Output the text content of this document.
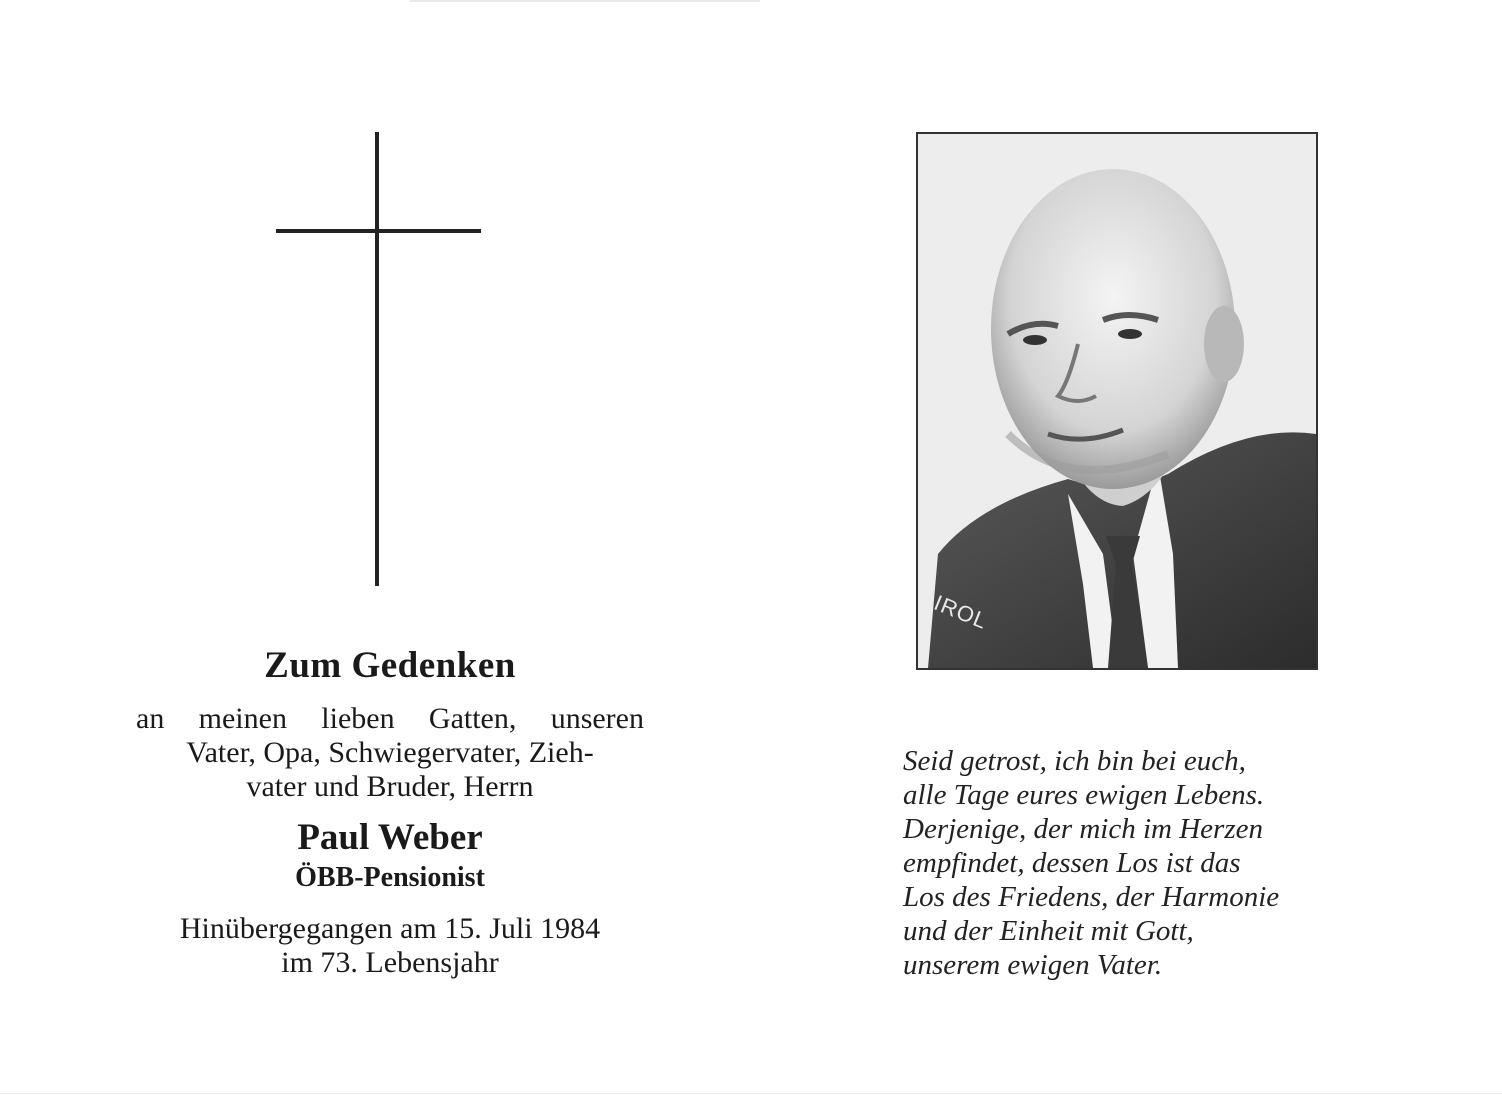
Zum Gedenken
an meinen lieben Gatten, unseren
Vater, Opa, Schwiegervater, Zieh-
vater und Bruder, Herrn
Paul Weber
ÖBB-Pensionist
Hinübergegangen am 15. Juli 1984
im 73. Lebensjahr
IROL
Seid getrost, ich bin bei euch,
alle Tage eures ewigen Lebens.
Derjenige, der mich im Herzen
empfindet, dessen Los ist das
Los des Friedens, der Harmonie
und der Einheit mit Gott,
unserem ewigen Vater.
